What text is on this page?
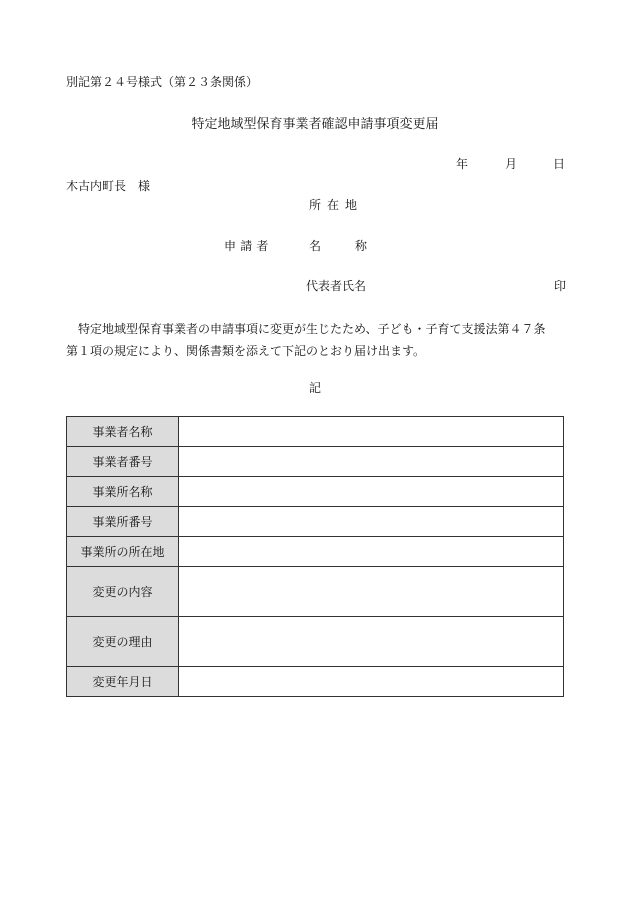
別記第２４号様式（第２３条関係）
特定地域型保育事業者確認申請事項変更届
年	月	日
木古内町長　様
所在地
申請者	名	称
代表者氏名	印
特定地域型保育事業者の申請事項に変更が生じたため、子ども・子育て支援法第４７条
第１項の規定により、関係書類を添えて下記のとおり届け出ます。
記
事業者名称	
事業者番号	
事業所名称	
事業所番号	
事業所の所在地	
変更の内容	
変更の理由	
変更年月日	
